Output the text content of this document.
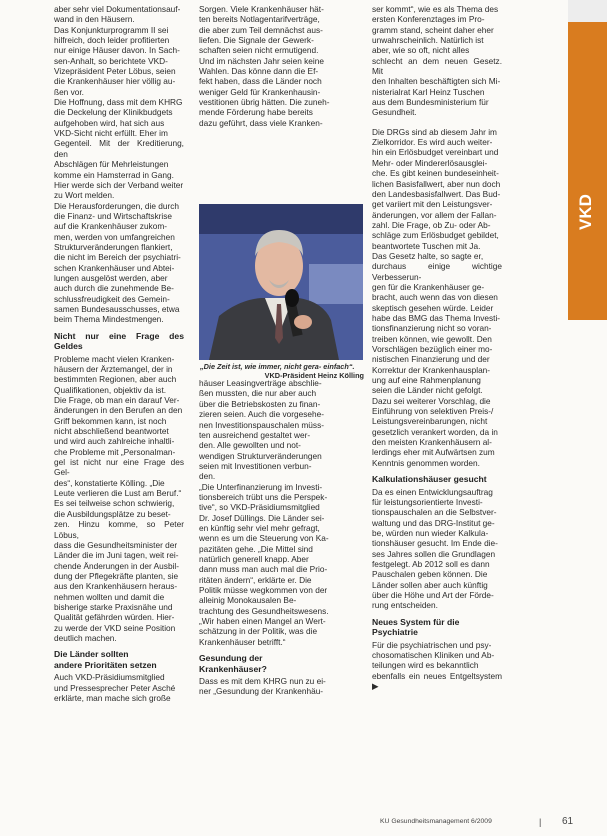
VKD

aber sehr viel Dokumentationsauf-
wand in den Häusern.
Das Konjunkturprogramm II sei
hilfreich, doch leider profitierten
nur einige Häuser davon. In Sach-
sen-Anhalt, so berichtete VKD-
Vizepräsident Peter Löbus, seien
die Krankenhäuser hier völlig au-
ßen vor.
Die Hoffnung, dass mit dem KHRG
die Deckelung der Klinikbudgets
aufgehoben wird, hat sich aus
VKD-Sicht nicht erfüllt. Eher im
Gegenteil. Mit der Kreditierung, den
Abschlägen für Mehrleistungen
komme ein Hamsterrad in Gang.
Hier werde sich der Verband weiter
zu Wort melden.
Die Herausforderungen, die durch
die Finanz- und Wirtschaftskrise
auf die Krankenhäuser zukom-
men, werden von umfangreichen
Strukturveränderungen flankiert,
die nicht im Bereich der psychiatri-
schen Krankenhäuser und Abtei-
lungen ausgelöst werden, aber
auch durch die zunehmende Be-
schlussfreudigkeit des Gemein-
samen Bundesausschusses, etwa
beim Thema Mindestmengen.

Nicht nur eine Frage des Geldes

Probleme macht vielen Kranken-
häusern der Ärztemangel, der in
bestimmten Regionen, aber auch
Qualifikationen, objektiv da ist.
Die Frage, ob man ein darauf Ver-
änderungen in den Berufen an den
Griff bekommen kann, ist noch
nicht abschließend beantwortet
und wird auch zahlreiche inhaltli-
che Probleme mit „Personalman-
gel ist nicht nur eine Frage des Gel-
des“, konstatierte Kölling. „Die
Leute verlieren die Lust am Beruf.“
Es sei teilweise schon schwierig,
die Ausbildungsplätze zu beset-
zen. Hinzu komme, so Peter Löbus,
dass die Gesundheitsminister der
Länder die im Juni tagen, weit rei-
chende Änderungen in der Ausbil-
dung der Pflegekräfte planten, sie
aus den Krankenhäusern heraus-
nehmen wollten und damit die
bisherige starke Praxisnähe und
Qualität gefährden würden. Hier-
zu werde der VKD seine Position
deutlich machen.

Die Länder sollten
andere Prioritäten setzen

Auch VKD-Präsidiumsmitglied
und Pressesprecher Peter Asché
erklärte, man mache sich große

Sorgen. Viele Krankenhäuser hät-
ten bereits Notlagentarifverträge,
die aber zum Teil demnächst aus-
liefen. Die Signale der Gewerk-
schaften seien nicht ermutigend.
Und im nächsten Jahr seien keine
Wahlen. Das könne dann die Ef-
fekt haben, dass die Länder noch
weniger Geld für Krankenhausin-
vestitionen übrig hätten. Die zuneh-
mende Förderung habe bereits
dazu geführt, dass viele Kranken-

häuser Leasingverträge abschlie-
ßen mussten, die nur aber auch
über die Betriebskosten zu finan-
zieren seien. Auch die vorgesehe-
nen Investitionspauschalen müss-
ten ausreichend gestaltet wer-
den. Alle gewollten und not-
wendigen Strukturveränderungen
seien mit Investitionen verbun-
den.
„Die Unterfinanzierung im Investi-
tionsbereich trübt uns die Perspek-
tive“, so VKD-Präsidiumsmitglied
Dr. Josef Düllings. Die Länder sei-
en künftig sehr viel mehr gefragt,
wenn es um die Steuerung von Ka-
pazitäten gehe. „Die Mittel sind
natürlich generell knapp. Aber
dann muss man auch mal die Prio-
ritäten ändern“, erklärte er. Die
Politik müsse wegkommen von der
alleinig Monokausalen Be-
trachtung des Gesundheitswesens.
„Wir haben einen Mangel an Wert-
schätzung in der Politik, was die
Krankenhäuser betrifft.“

Gesundung der
Krankenhäuser?

Dass es mit dem KHRG nun zu ei-
ner „Gesundung der Krankenhäu-

„Die Zeit ist, wie immer, nicht gera- einfach“.
VKD-Präsident Heinz Kölling

ser kommt“, wie es als Thema des
ersten Konferenztages im Pro-
gramm stand, scheint daher eher
unwahrscheinlich. Natürlich ist
aber, wie so oft, nicht alles
schlecht an dem neuen Gesetz. Mit
den Inhalten beschäftigten sich Mi-
nisterialrat Karl Heinz Tuschen
aus dem Bundesministerium für
Gesundheit.

Die DRGs sind ab diesem Jahr im
Zielkorridor. Es wird auch weiter-
hin ein Erlösbudget vereinbart und
Mehr- oder Mindererlösausglei-
che. Es gibt keinen bundeseinheit-
lichen Basisfallwert, aber nun doch
den Landesbasisfallwert. Das Bud-
get variiert mit den Leistungsver-
änderungen, vor allem der Fallan-
zahl. Die Frage, ob Zu- oder Ab-
schläge zum Erlösbudget gebildet,
beantwortete Tuschen mit Ja.
Das Gesetz halte, so sagte er,
durchaus einige wichtige Verbesserun-
gen für die Krankenhäuser ge-
bracht, auch wenn das von diesen
skeptisch gesehen würde. Leider
habe das BMG das Thema Investi-
tionsfinanzierung nicht so voran-
treiben können, wie gewollt. Den
Vorschlägen bezüglich einer mo-
nistischen Finanzierung und der
Korrektur der Krankenhausplan-
ung auf eine Rahmenplanung
seien die Länder nicht gefolgt.
Dazu sei weiterer Vorschlag, die
Einführung von selektiven Preis-/
Leistungsvereinbarungen, nicht
gesetzlich verankert worden, da in
den meisten Krankenhäusern al-
lerdings eher mit Aufwärtsen zum
Kenntnis genommen worden.

Kalkulationshäuser gesucht

Da es einen Entwicklungsauftrag
für leistungsorientierte Investi-
tionspauschalen an die Selbstver-
waltung und das DRG-Institut ge-
be, würden nun wieder Kalkula-
tionshäuser gesucht. Im Ende die-
ses Jahres sollen die Grundlagen
festgelegt. Ab 2012 soll es dann
Pauschalen geben können. Die
Länder sollen aber auch künftig
über die Höhe und Art der Förde-
rung entscheiden.

Neues System für die
Psychiatrie

Für die psychiatrischen und psy-
chosomatischen Kliniken und Ab-
teilungen wird es bekanntlich
ebenfalls ein neues Entgeltsystem ▶

KU Gesundheitsmanagement 6/2009	| 61
